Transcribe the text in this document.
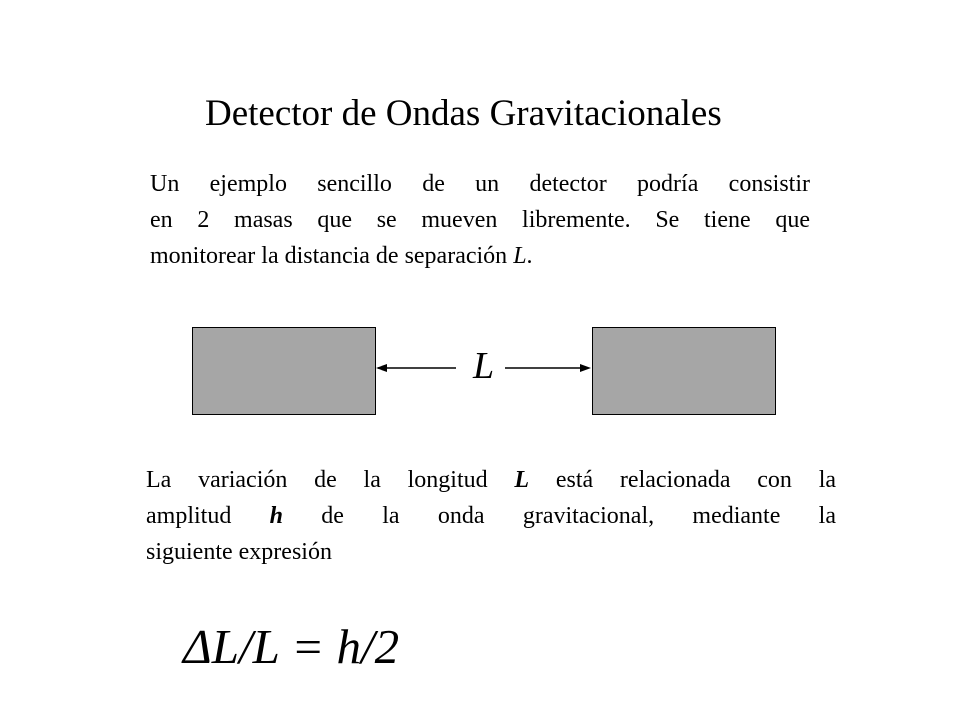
Detector de Ondas Gravitacionales

Un ejemplo sencillo de un detector podría consistir
en 2 masas que se mueven libremente. Se tiene que
monitorear la distancia de separación L.

L

La variación de la longitud L está relacionada con la
amplitud h de la onda gravitacional, mediante la
siguiente expresión

ΔL/L = h/2
